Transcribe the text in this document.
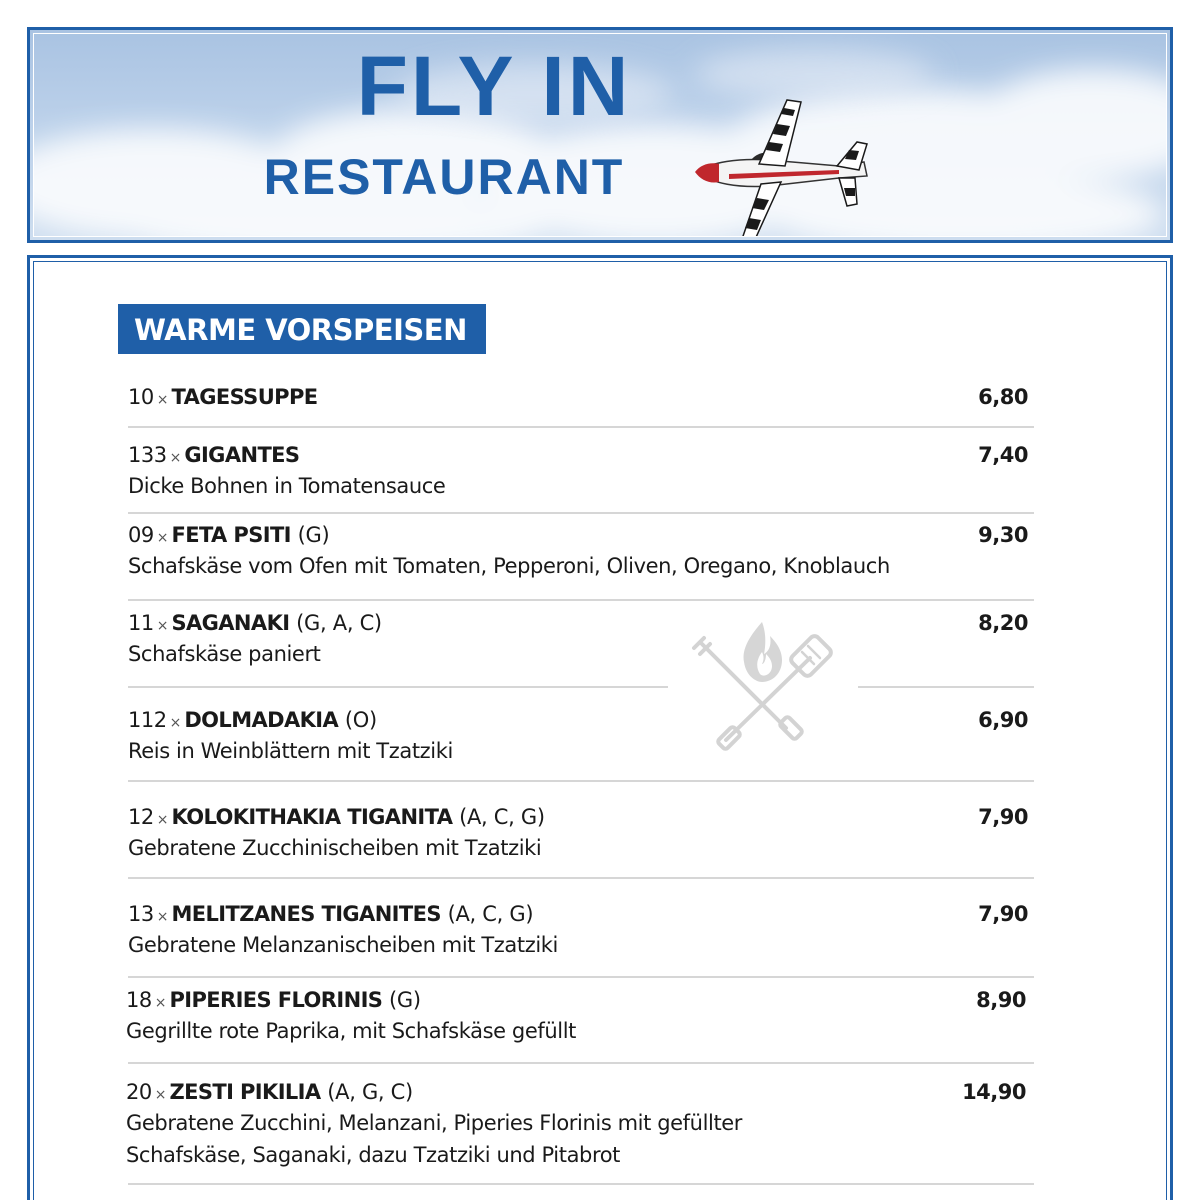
FLY IN
RESTAURANT
WARME VORSPEISEN
10 × TAGESSUPPE	6,80
133 × GIGANTES	7,40
Dicke Bohnen in Tomatensauce
09 × FETA PSITI (G)	9,30
Schafskäse vom Ofen mit Tomaten, Pepperoni, Oliven, Oregano, Knoblauch
11 × SAGANAKI (G, A, C)	8,20
Schafskäse paniert
112 × DOLMADAKIA (O)	6,90
Reis in Weinblättern mit Tzatziki
12 × KOLOKITHAKIA TIGANITA (A, C, G)	7,90
Gebratene Zucchinischeiben mit Tzatziki
13 × MELITZANES TIGANITES (A, C, G)	7,90
Gebratene Melanzanischeiben mit Tzatziki
18 × PIPERIES FLORINIS (G)	8,90
Gegrillte rote Paprika, mit Schafskäse gefüllt
20 × ZESTI PIKILIA (A, G, C)	14,90
Gebratene Zucchini, Melanzani, Piperies Florinis mit gefüllter Schafskäse, Saganaki, dazu Tzatziki und Pitabrot
